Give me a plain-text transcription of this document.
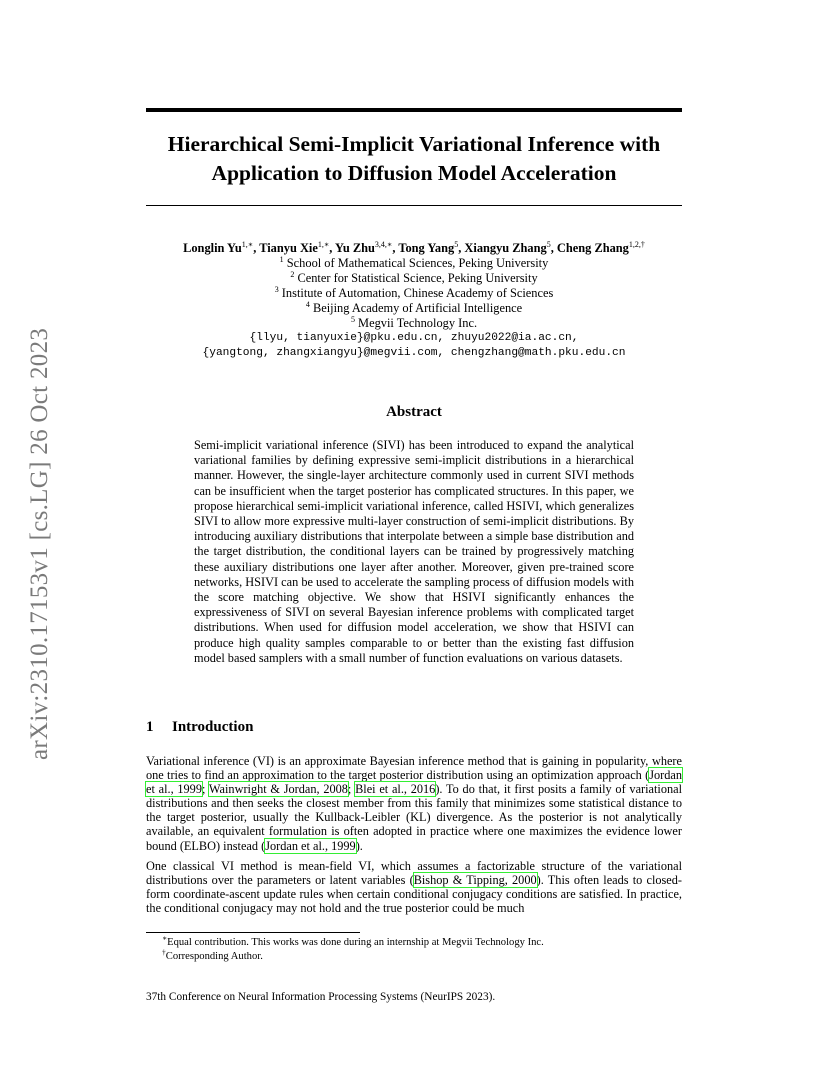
arXiv:2310.17153v1 [cs.LG] 26 Oct 2023
Hierarchical Semi-Implicit Variational Inference with
Application to Diffusion Model Acceleration
Longlin $Yu^{1,∗}$, Tianyu Xie$^{1,∗}$, Yu Zhu$^{3,4,∗}$, Tong Yang$^5$, Xiangyu Zhang$^5$, Cheng Zhang$^{1,2,\dagger}$
$^1$ School of Mathematical Sciences, Peking University
$^2$ Center for Statistical Science, Peking University
$^3$ Institute of Automation, Chinese Academy of Sciences
$^4$ Beijing Academy of Artificial Intelligence
$^5$ Megvii Technology Inc.
{llyu, tianyuxie}@pku.edu.cn, zhuyu2022@ia.ac.cn,
{yangtong, zhangxiangyu}@megvii.com, chengzhang@math.pku.edu.cn
Abstract
Semi-implicit variational inference (SIVI) has been introduced to expand the analytical variational families by defining expressive semi-implicit distributions in a hierarchical manner. However, the single-layer architecture commonly used in current SIVI methods can be insufficient when the target posterior has complicated structures. In this paper, we propose hierarchical semi-implicit variational inference, called HSIVI, which generalizes SIVI to allow more expressive multi-layer construction of semi-implicit distributions. By introducing auxiliary distributions that interpolate between a simple base distribution and the target distribution, the conditional layers can be trained by progressively matching these auxiliary distributions one layer after another. Moreover, given pre-trained score networks, HSIVI can be used to accelerate the sampling process of diffusion models with the score matching objective. We show that HSIVI significantly enhances the expressiveness of SIVI on several Bayesian inference problems with complicated target distributions. When used for diffusion model acceleration, we show that HSIVI can produce high quality samples comparable to or better than the existing fast diffusion model based samplers with a small number of function evaluations on various datasets.
1 Introduction

Variational inference (VI) is an approximate Bayesian inference method that is gaining in popularity, where one tries to find an approximation to the target posterior distribution using an optimization approach (Jordan et al., 1999; Wainwright & Jordan, 2008; Blei et al., 2016). To do that, it first posits a family of variational distributions and then seeks the closest member from this family that minimizes some statistical distance to the target posterior, usually the Kullback-Leibler (KL) divergence. As the posterior is not analytically available, an equivalent formulation is often adopted in practice where one maximizes the evidence lower bound (ELBO) instead (Jordan et al., 1999).

One classical VI method is mean-field VI, which assumes a factorizable structure of the variational distributions over the parameters or latent variables (Bishop & Tipping, 2000). This often leads to closed-form coordinate-ascent update rules when certain conditional conjugacy conditions are satisfied. In practice, the conditional conjugacy may not hold and the true posterior could be much

∗Equal contribution. This works was done during an internship at Megvii Technology Inc.
†Corresponding Author.
37th Conference on Neural Information Processing Systems (NeurIPS 2023).
